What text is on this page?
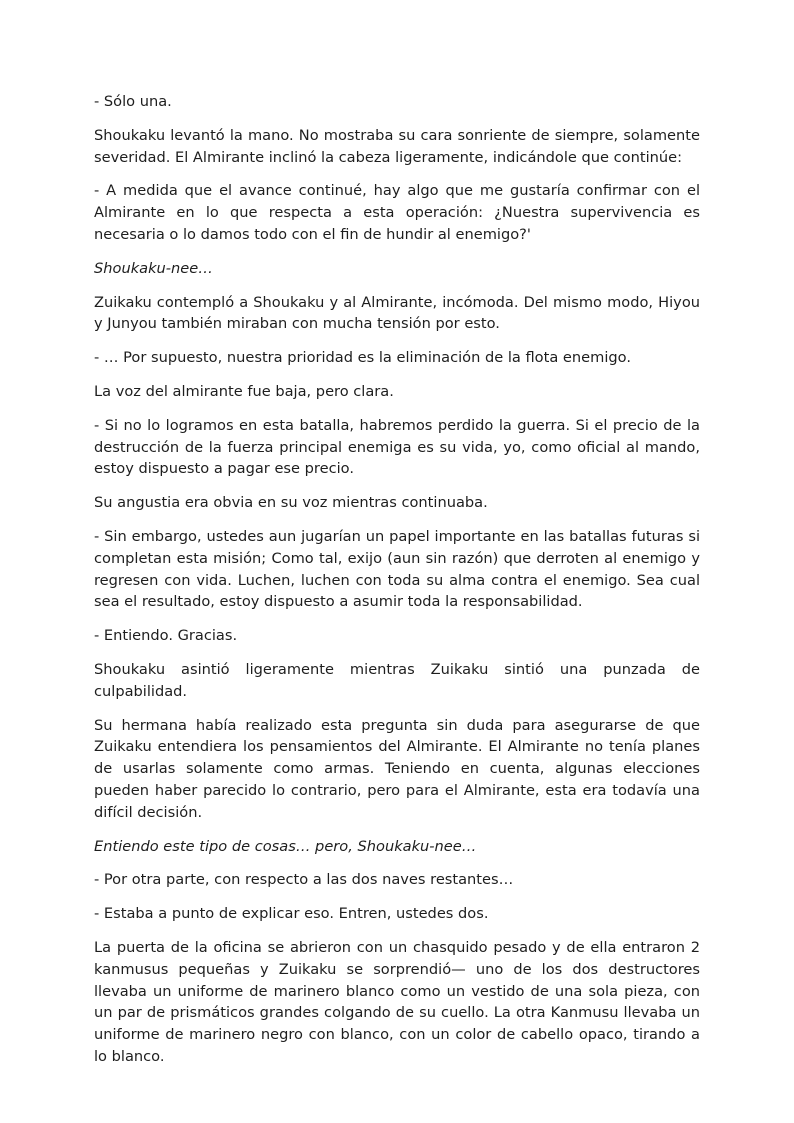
- Sólo una.

Shoukaku levantó la mano. No mostraba su cara sonriente de siempre, solamente severidad. El Almirante inclinó la cabeza ligeramente, indicándole que continúe:

- A medida que el avance continué, hay algo que me gustaría confirmar con el Almirante en lo que respecta a esta operación: ¿Nuestra supervivencia es necesaria o lo damos todo con el fin de hundir al enemigo?'

Shoukaku-nee…

Zuikaku contempló a Shoukaku y al Almirante, incómoda. Del mismo modo, Hiyou y Junyou también miraban con mucha tensión por esto.

- … Por supuesto, nuestra prioridad es la eliminación de la flota enemigo.

La voz del almirante fue baja, pero clara.

- Si no lo logramos en esta batalla, habremos perdido la guerra. Si el precio de la destrucción de la fuerza principal enemiga es su vida, yo, como oficial al mando, estoy dispuesto a pagar ese precio.

Su angustia era obvia en su voz mientras continuaba.

- Sin embargo, ustedes aun jugarían un papel importante en las batallas futuras si completan esta misión; Como tal, exijo (aun sin razón) que derroten al enemigo y regresen con vida. Luchen, luchen con toda su alma contra el enemigo. Sea cual sea el resultado, estoy dispuesto a asumir toda la responsabilidad.

- Entiendo. Gracias.

Shoukaku asintió ligeramente mientras Zuikaku sintió una punzada de culpabilidad.

Su hermana había realizado esta pregunta sin duda para asegurarse de que Zuikaku entendiera los pensamientos del Almirante. El Almirante no tenía planes de usarlas solamente como armas. Teniendo en cuenta, algunas elecciones pueden haber parecido lo contrario, pero para el Almirante, esta era todavía una difícil decisión.

Entiendo este tipo de cosas… pero, Shoukaku-nee…

- Por otra parte, con respecto a las dos naves restantes…

- Estaba a punto de explicar eso. Entren, ustedes dos.

La puerta de la oficina se abrieron con un chasquido pesado y de ella entraron 2 kanmusus pequeñas y Zuikaku se sorprendió— uno de los dos destructores llevaba un uniforme de marinero blanco como un vestido de una sola pieza, con un par de prismáticos grandes colgando de su cuello. La otra Kanmusu llevaba un uniforme de marinero negro con blanco, con un color de cabello opaco, tirando a lo blanco.
